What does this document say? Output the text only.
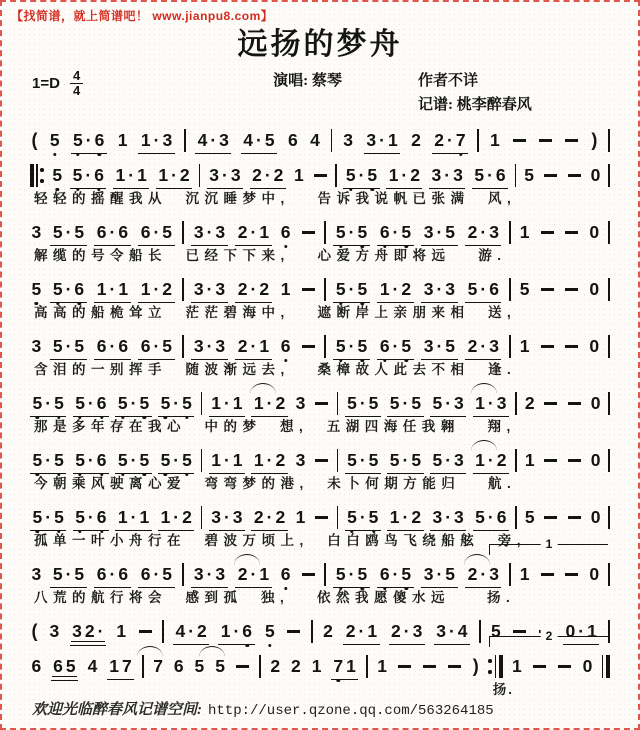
【找简谱，就上简谱吧！ www.jianpu8.com】
远扬的梦舟
$1=D \frac{4}{4}$	演唱: 蔡琴	作者不详
记谱: 桃李醉春风
( 5 5 · 6 1 1 · 3 4 · 3 4 · 5 6 4 3 3 · 1 2 2 · 7 1	)
5 5 · 6 1 · 1 1 · 2 3 · 3 2 · 2 1 5 · 5 1 · 2 3 · 3 5 · 6 5	0
轻轻的摇醒我从  沉沉睡梦中,   告诉我说帆已张满  风,
3 5 · 5 6 · 6 6 · 5 3 · 3 2 · 1 6	5 · 5 6 · 5 3 · 5 2 · 3 1	0
解缆的号令船长  已经下下来,   心爱方舟即将远   游.
5 5 · 6 1 · 1 1 · 2 3 · 3 2 · 2 1	5 · 5 1 · 2 3 · 3 5 · 6 5	0
高高的船桅耸立  茫茫碧海中,   遮断岸上亲朋来相  送,
3 5 · 5 6 · 6 6 · 5 3 · 3 2 · 1 6	5 · 5 6 · 5 3 · 5 2 · 3 1	0
含泪的一别挥手  随波渐远去,   桑樟故人此去不相  逢.
5 · 5 5 · 6 5 · 5 5 · 5 1 · 1 1 · 2 3 5 · 5 5 · 5 5 · 3 1 · 3 2	0
那是多年存在我心  中的梦  想,  五湖四海任我翱   翔,
5 · 5 5 · 6 5 · 5 5 · 5 1 · 1 1 · 2 3 5 · 5 5 · 5 5 · 3 1 · 2 1	0
今朝乘风驶离心爱  弯弯梦的港,  未卜何期方能归   航.
5 · 5 5 · 6 1 · 1 1 · 2 3 · 3 2 · 2 1 5 · 5 1 · 2 3 · 3 5 · 6 5	0
孤单一叶小舟行在  碧波万顷上,  白白鸥鸟飞绕船舷  旁,	1
3 5 · 5 6 · 6 6 · 5 3 · 3 2 · 1 6	5 · 5 6 · 5 3 · 5 2 · 3 1	0
八荒的航行将会  感到孤  独,   依然我愿傻水远    扬.
( 3 3 2 · 1	4 · 2 1 · 6 5	2 2 · 1 2 · 3 3 · 4 5	0 · 1
2
6 6 5 4 1 7 7 6 5 5	2 2 1 7 1 1	) 1	0
扬.
欢迎光临醉春风记谱空间: http://user.qzone.qq.com/563264185
